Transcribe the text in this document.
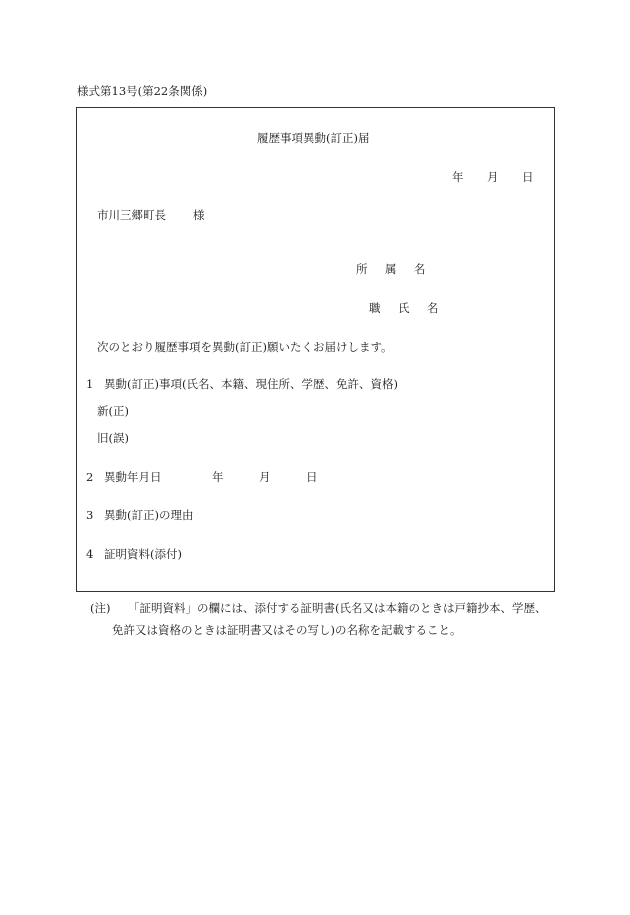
様式第13号(第22条関係)
履歴事項異動(訂正)届
年 月 日
市川三郷町長 様
所 属 名
職 氏 名
次のとおり履歴事項を異動(訂正)願いたくお届けします。
1 異動(訂正)事項(氏名、本籍、現住所、学歴、免許、資格)
新(正)
旧(誤)
2 異動年月日	年	月	日
3 異動(訂正)の理由
4 証明資料(添付)
(注) 「証明資料」の欄には、添付する証明書(氏名又は本籍のときは戸籍抄本、学歴、
免許又は資格のときは証明書又はその写し)の名称を記載すること。
